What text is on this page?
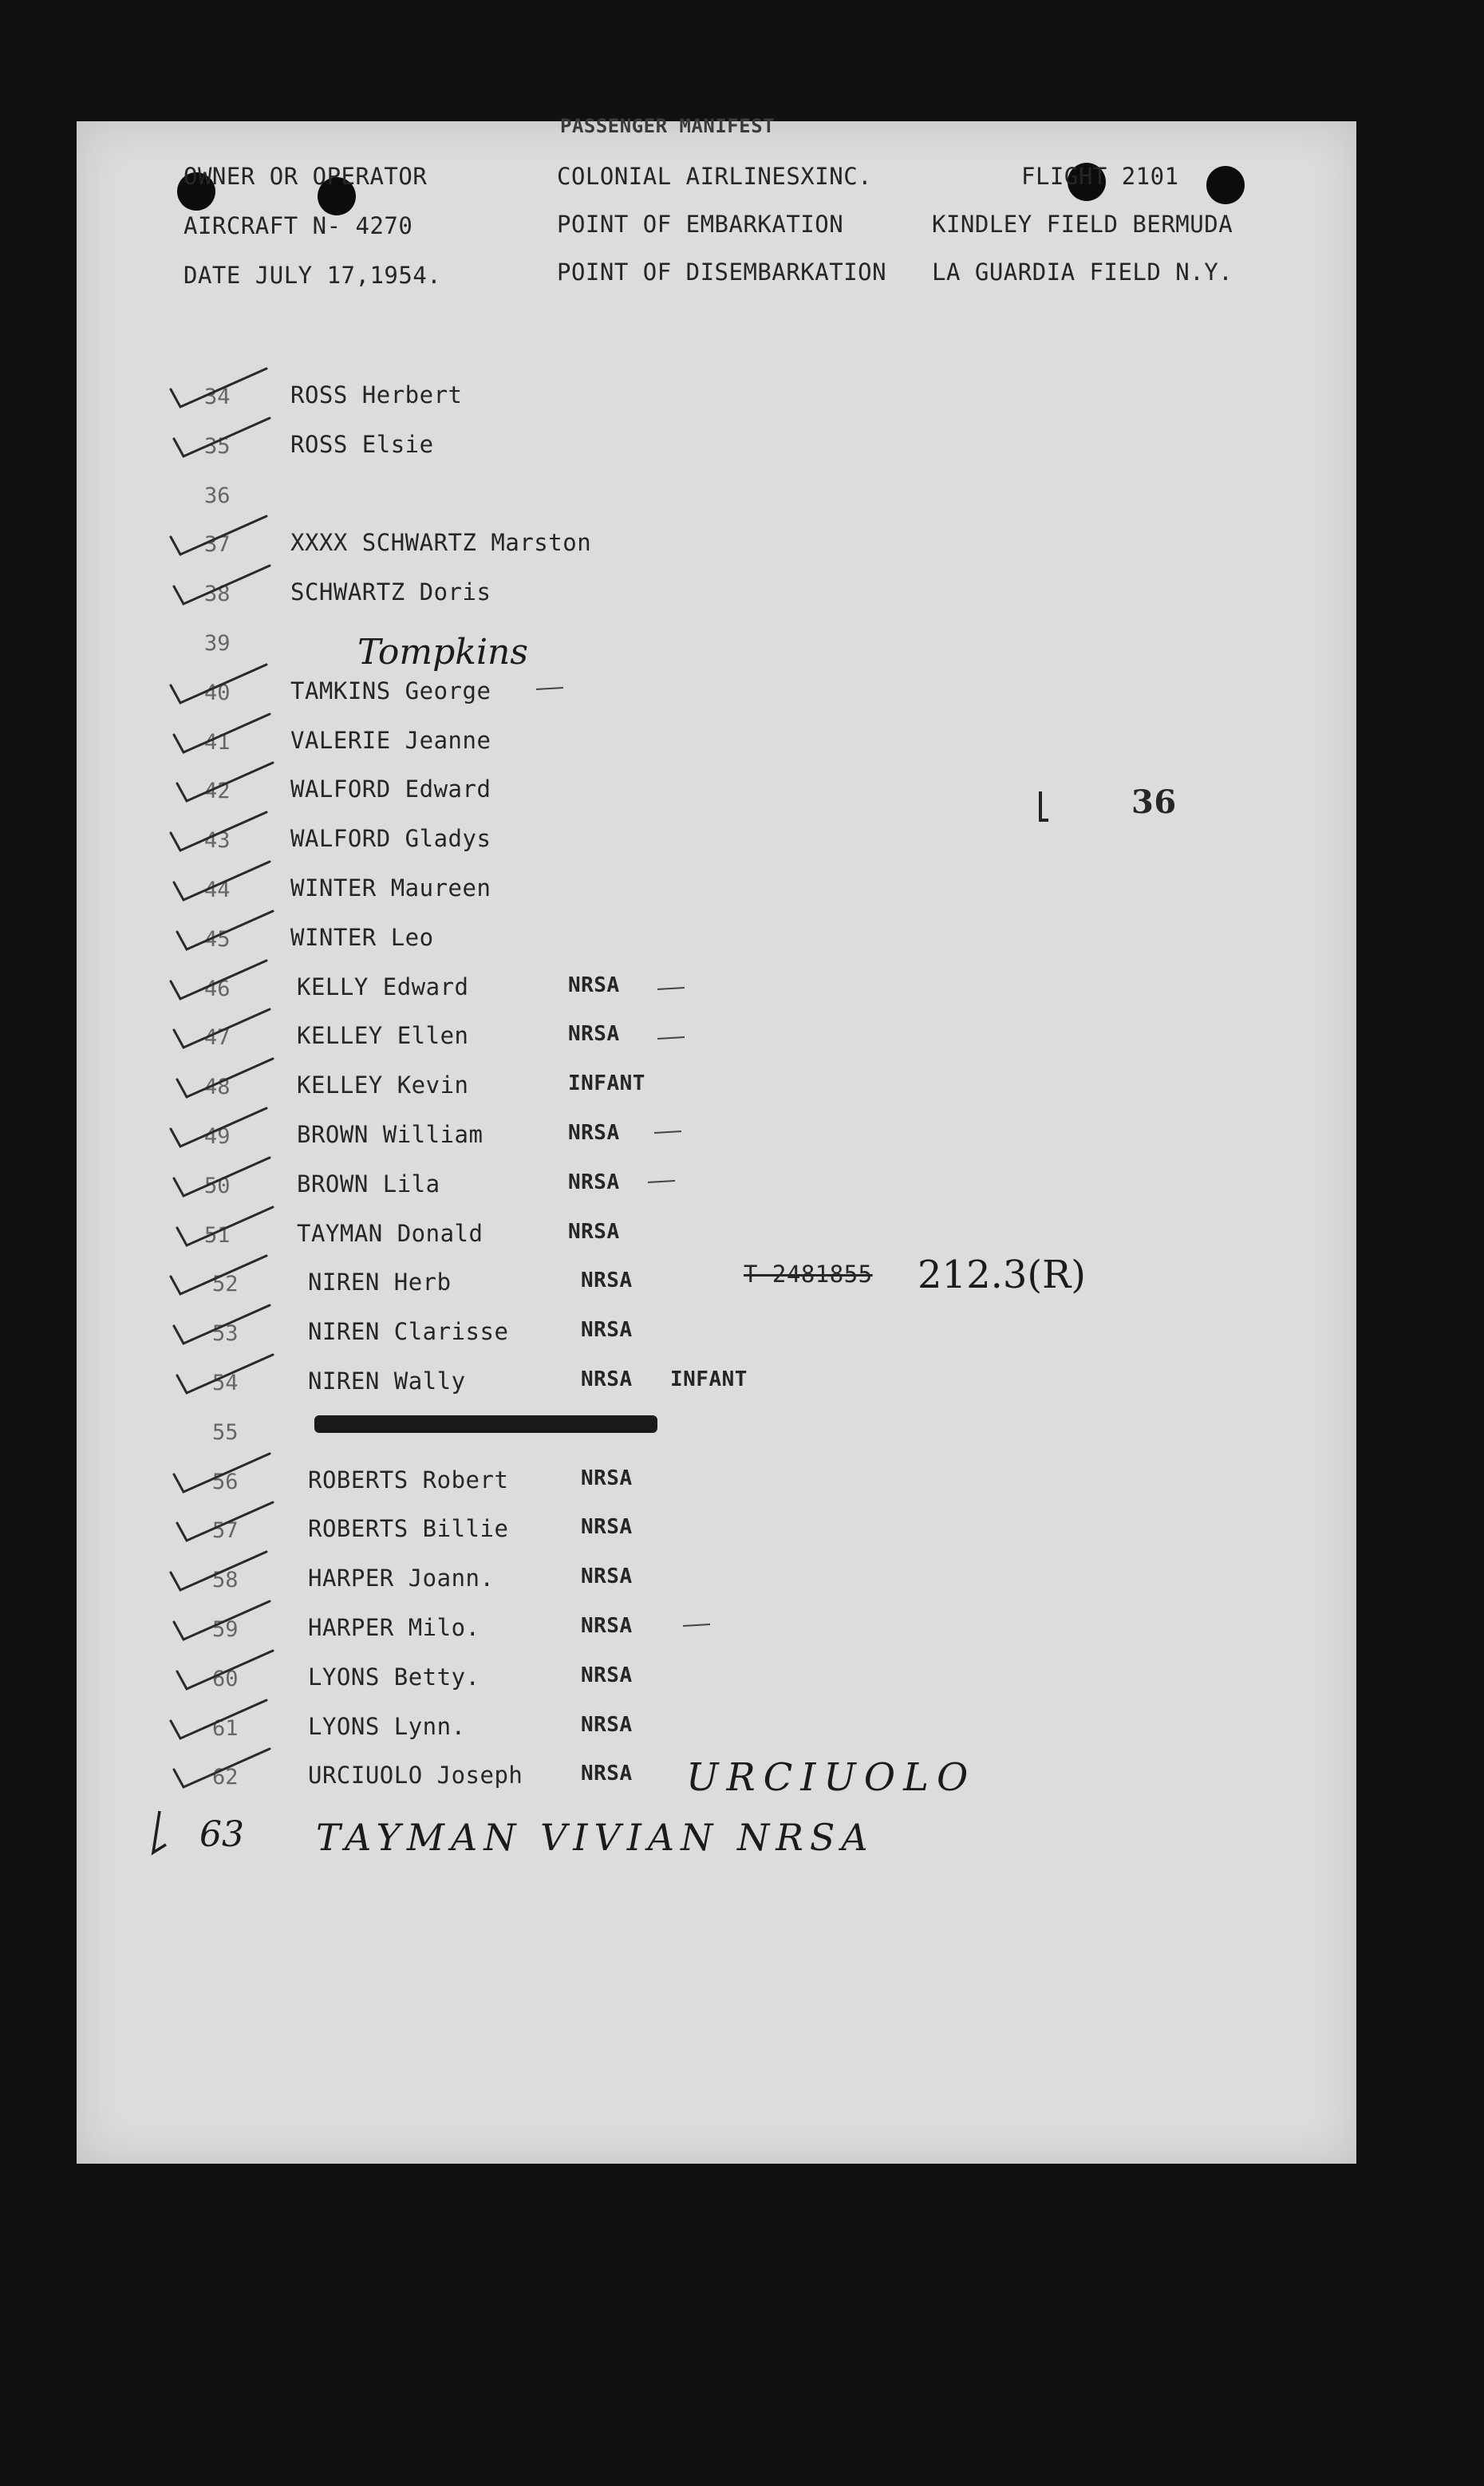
PASSENGER MANIFEST
OWNER OR OPERATOR	COLONIAL AIRLINESXINC.	FLIGHT 2101
AIRCRAFT N- 4270	POINT OF EMBARKATION	KINDLEY FIELD BERMUDA
DATE JULY 17,1954.	POINT OF DISEMBARKATION LA GUARDIA FIELD N.Y.
36
34	ROSS Herbert
35	ROSS Elsie
36
37	XXXX SCHWARTZ Marston
38	SCHWARTZ Doris
39
40	TAMKINS George
41	VALERIE Jeanne
42	WALFORD Edward
43	WALFORD Gladys
44	WINTER Maureen
45	WINTER Leo
46	KELLY Edward	NRSA
47	KELLEY Ellen	NRSA
48	KELLEY Kevin	INFANT
49	BROWN William	NRSA
50	BROWN Lila	NRSA
51	TAYMAN Donald	NRSA
52	NIREN Herb	NRSA
53	NIREN Clarisse	NRSA
54	NIREN Wally	NRSA INFANT
55
56	ROBERTS Robert	NRSA
57	ROBERTS Billie	NRSA
58	HARPER Joann.	NRSA
59	HARPER Milo.	NRSA
60	LYONS Betty.	NRSA
61	LYONS Lynn.	NRSA
62	URCIUOLO Joseph	NRSA
Tompkins
T-2481855 212.3(R)
URCIUOLO
63 TAYMAN VIVIAN NRSA
